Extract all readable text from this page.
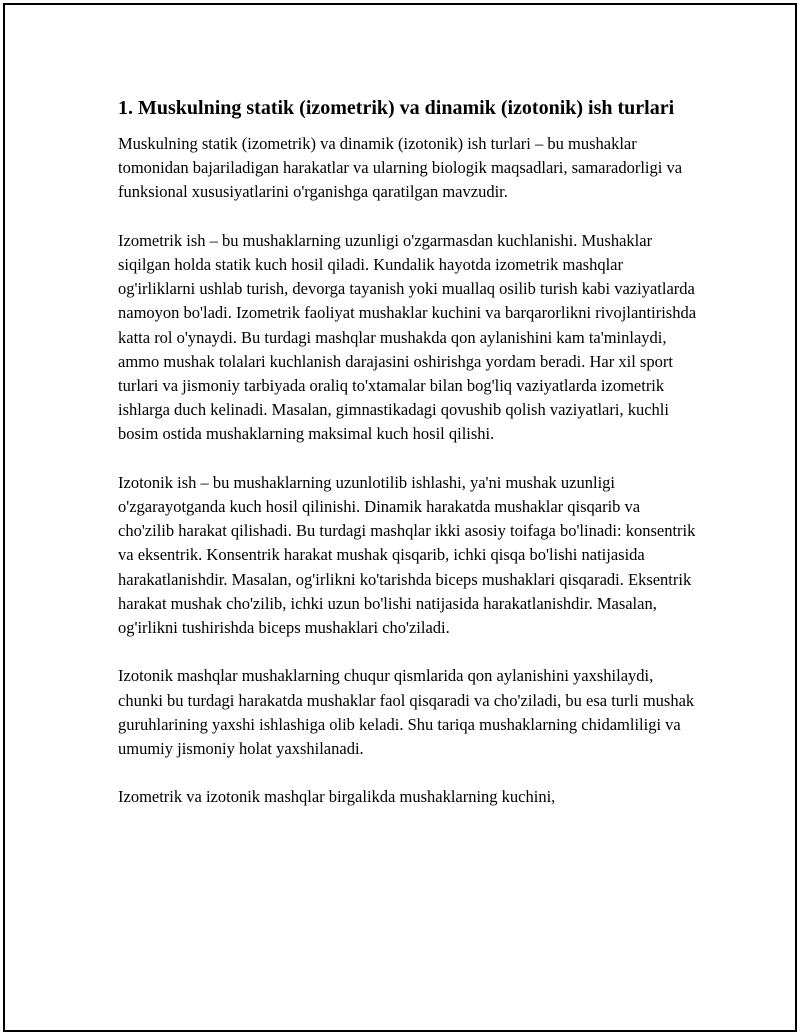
1. Muskulning statik (izometrik) va dinamik (izotonik) ish turlari

Muskulning statik (izometrik) va dinamik (izotonik) ish turlari – bu mushaklar tomonidan bajariladigan harakatlar va ularning biologik maqsadlari, samaradorligi va funksional xususiyatlarini o'rganishga qaratilgan mavzudir.

Izometrik ish – bu mushaklarning uzunligi o'zgarmasdan kuchlanishi. Mushaklar siqilgan holda statik kuch hosil qiladi. Kundalik hayotda izometrik mashqlar og'irliklarni ushlab turish, devorga tayanish yoki muallaq osilib turish kabi vaziyatlarda namoyon bo'ladi. Izometrik faoliyat mushaklar kuchini va barqarorlikni rivojlantirishda katta rol o'ynaydi. Bu turdagi mashqlar mushakda qon aylanishini kam ta'minlaydi, ammo mushak tolalari kuchlanish darajasini oshirishga yordam beradi. Har xil sport turlari va jismoniy tarbiyada oraliq to'xtamalar bilan bog'liq vaziyatlarda izometrik ishlarga duch kelinadi. Masalan, gimnastikadagi qovushib qolish vaziyatlari, kuchli bosim ostida mushaklarning maksimal kuch hosil qilishi.

Izotonik ish – bu mushaklarning uzunlotilib ishlashi, ya'ni mushak uzunligi o'zgarayotganda kuch hosil qilinishi. Dinamik harakatda mushaklar qisqarib va cho'zilib harakat qilishadi. Bu turdagi mashqlar ikki asosiy toifaga bo'linadi: konsentrik va eksentrik. Konsentrik harakat mushak qisqarib, ichki qisqa bo'lishi natijasida harakatlanishdir. Masalan, og'irlikni ko'tarishda biceps mushaklari qisqaradi. Eksentrik harakat mushak cho'zilib, ichki uzun bo'lishi natijasida harakatlanishdir. Masalan, og'irlikni tushirishda biceps mushaklari cho'ziladi.

Izotonik mashqlar mushaklarning chuqur qismlarida qon aylanishini yaxshilaydi, chunki bu turdagi harakatda mushaklar faol qisqaradi va cho'ziladi, bu esa turli mushak guruhlarining yaxshi ishlashiga olib keladi. Shu tariqa mushaklarning chidamliligi va umumiy jismoniy holat yaxshilanadi.

Izometrik va izotonik mashqlar birgalikda mushaklarning kuchini,
